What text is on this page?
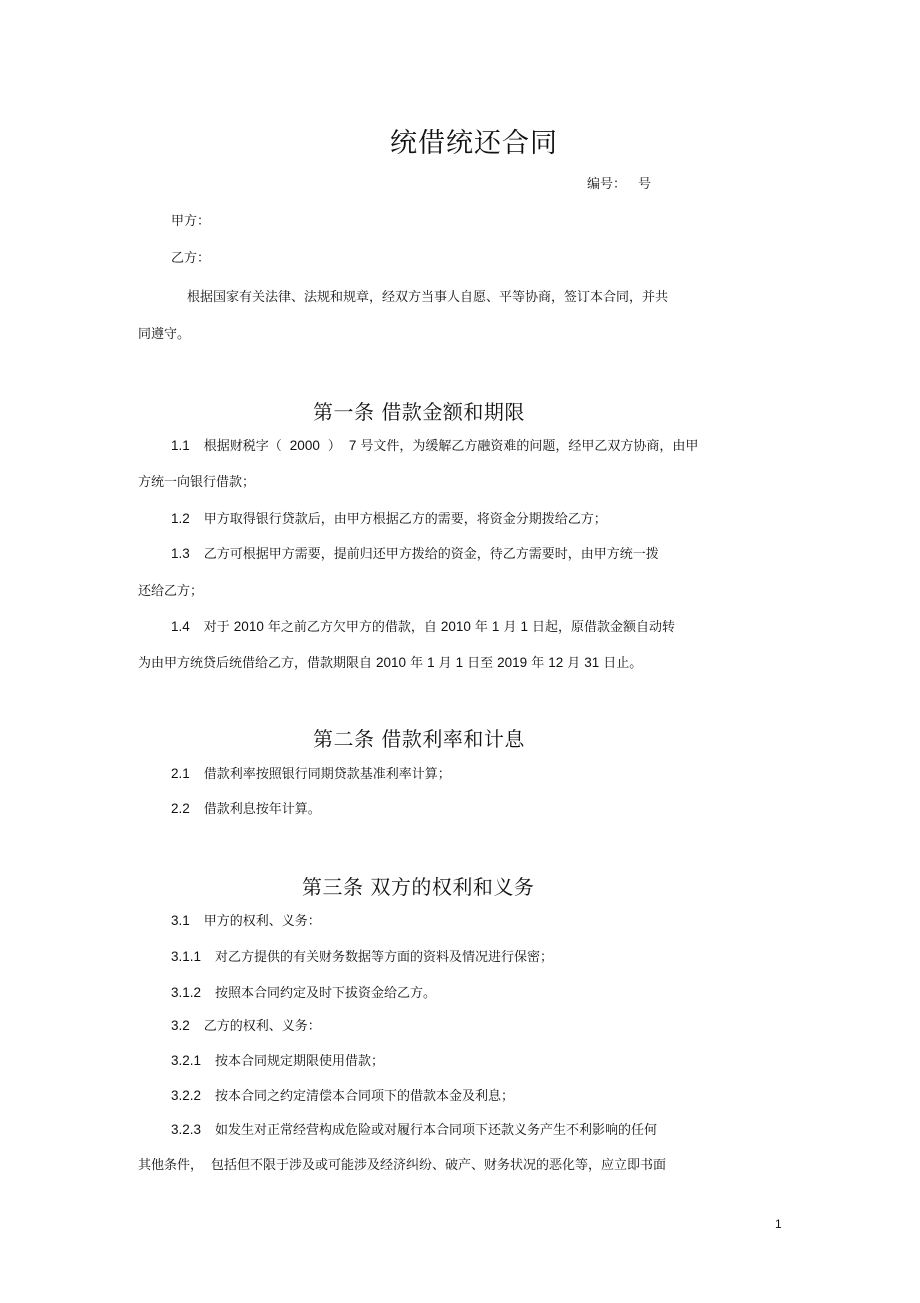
统借统还合同
编号： 号
甲方：
乙方：
根据国家有关法律、法规和规章，经双方当事人自愿、平等协商，签订本合同，并共
同遵守。
第一条 借款金额和期限
1.1 根据财税字（ 2000 ） 7 号文件，为缓解乙方融资难的问题，经甲乙双方协商，由甲
方统一向银行借款；
1.2 甲方取得银行贷款后，由甲方根据乙方的需要，将资金分期拨给乙方；
1.3 乙方可根据甲方需要，提前归还甲方拨给的资金，待乙方需要时，由甲方统一拨
还给乙方；
1.4 对于 2010 年之前乙方欠甲方的借款，自 2010 年 1 月 1 日起，原借款金额自动转
为由甲方统贷后统借给乙方，借款期限自 2010 年 1 月 1 日至 2019 年 12 月 31 日止。
第二条 借款利率和计息
2.1 借款利率按照银行同期贷款基准利率计算；
2.2 借款利息按年计算。
第三条 双方的权利和义务
3.1 甲方的权利、义务：
3.1.1 对乙方提供的有关财务数据等方面的资料及情况进行保密；
3.1.2 按照本合同约定及时下拔资金给乙方。
3.2 乙方的权利、义务：
3.2.1 按本合同规定期限使用借款；
3.2.2 按本合同之约定清偿本合同项下的借款本金及利息；
3.2.3 如发生对正常经营构成危险或对履行本合同项下还款义务产生不利影响的任何
其他条件， 包括但不限于涉及或可能涉及经济纠纷、破产、财务状况的恶化等，应立即书面
1
